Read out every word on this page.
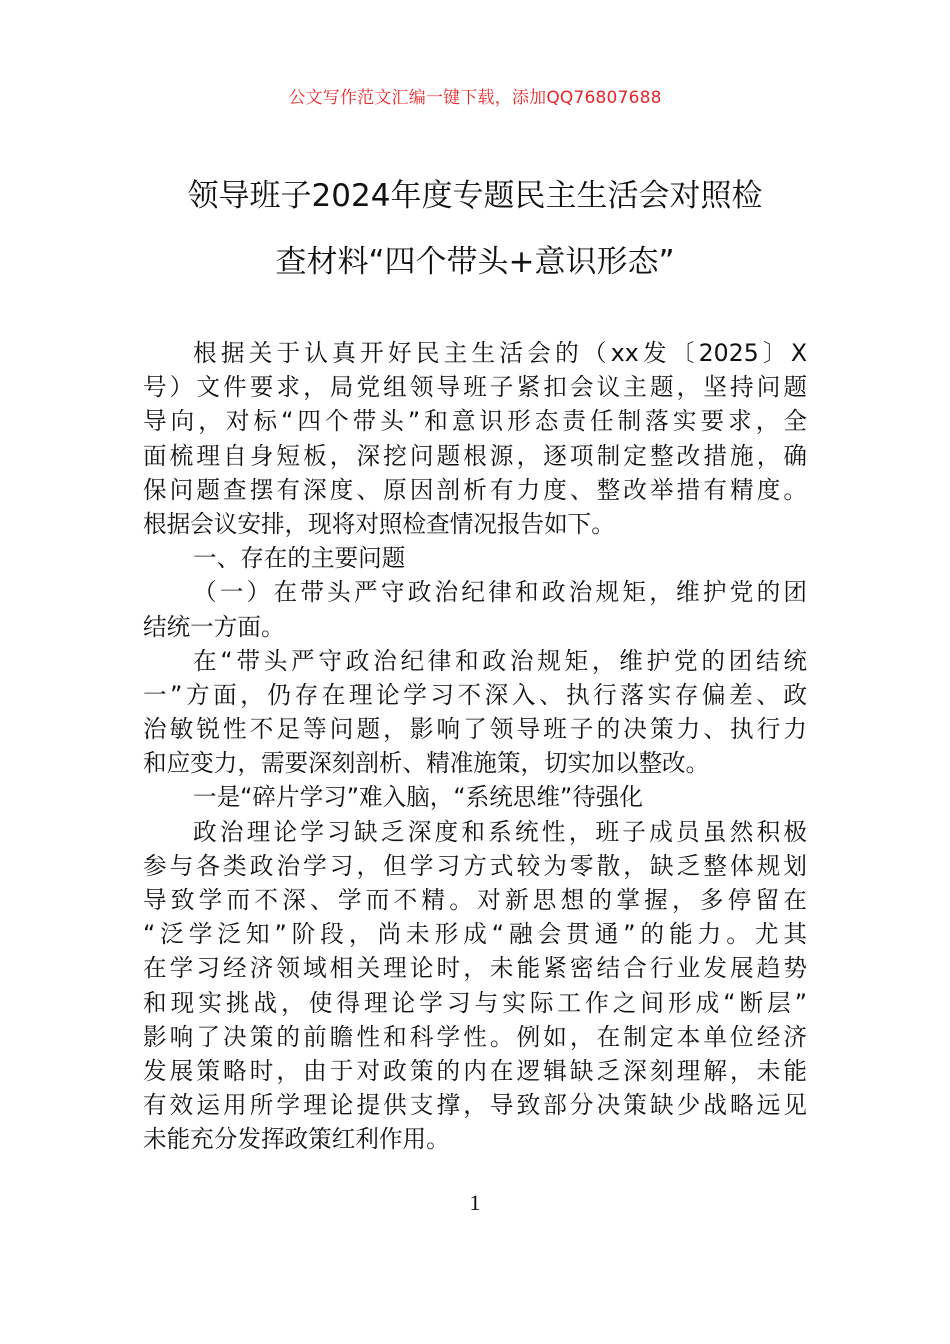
公文写作范文汇编一键下载，添加QQ76807688
领导班子2024年度专题民主生活会对照检
查材料“四个带头+意识形态”
根据关于认真开好民主生活会的（xx发〔2025〕X
号）文件要求，局党组领导班子紧扣会议主题，坚持问题
导向，对标“四个带头”和意识形态责任制落实要求，全
面梳理自身短板，深挖问题根源，逐项制定整改措施，确
保问题查摆有深度、原因剖析有力度、整改举措有精度。
根据会议安排，现将对照检查情况报告如下。
一、存在的主要问题
（一）在带头严守政治纪律和政治规矩，维护党的团
结统一方面。
在“带头严守政治纪律和政治规矩，维护党的团结统
一”方面，仍存在理论学习不深入、执行落实存偏差、政
治敏锐性不足等问题，影响了领导班子的决策力、执行力
和应变力，需要深刻剖析、精准施策，切实加以整改。
一是“碎片学习”难入脑，“系统思维”待强化
政治理论学习缺乏深度和系统性，班子成员虽然积极
参与各类政治学习，但学习方式较为零散，缺乏整体规划
导致学而不深、学而不精。对新思想的掌握，多停留在
“泛学泛知”阶段，尚未形成“融会贯通”的能力。尤其
在学习经济领域相关理论时，未能紧密结合行业发展趋势
和现实挑战，使得理论学习与实际工作之间形成“断层”
影响了决策的前瞻性和科学性。例如，在制定本单位经济
发展策略时，由于对政策的内在逻辑缺乏深刻理解，未能
有效运用所学理论提供支撑，导致部分决策缺少战略远见
未能充分发挥政策红利作用。
1
